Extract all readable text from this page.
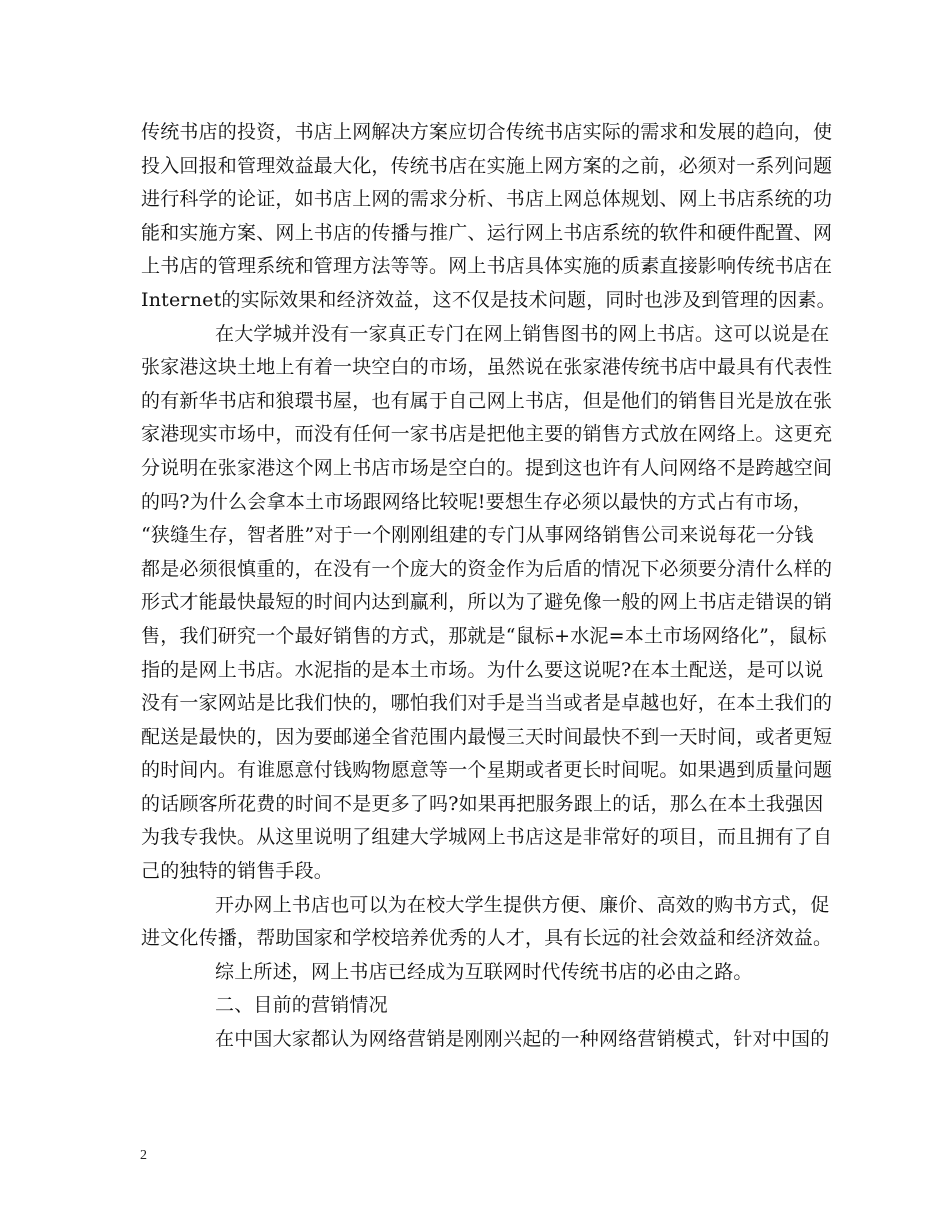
传统书店的投资，书店上网解决方案应切合传统书店实际的需求和发展的趋向，使
投入回报和管理效益最大化，传统书店在实施上网方案的之前，必须对一系列问题
进行科学的论证，如书店上网的需求分析、书店上网总体规划、网上书店系统的功
能和实施方案、网上书店的传播与推广、运行网上书店系统的软件和硬件配置、网
上书店的管理系统和管理方法等等。网上书店具体实施的质素直接影响传统书店在
Internet的实际效果和经济效益，这不仅是技术问题，同时也涉及到管理的因素。
在大学城并没有一家真正专门在网上销售图书的网上书店。这可以说是在
张家港这块土地上有着一块空白的市场，虽然说在张家港传统书店中最具有代表性
的有新华书店和狼環书屋，也有属于自己网上书店，但是他们的销售目光是放在张
家港现实市场中，而没有任何一家书店是把他主要的销售方式放在网络上。这更充
分说明在张家港这个网上书店市场是空白的。提到这也许有人问网络不是跨越空间
的吗?为什么会拿本土市场跟网络比较呢!要想生存必须以最快的方式占有市场，
“狭缝生存，智者胜”对于一个刚刚组建的专门从事网络销售公司来说每花一分钱
都是必须很慎重的，在没有一个庞大的资金作为后盾的情况下必须要分清什么样的
形式才能最快最短的时间内达到赢利，所以为了避免像一般的网上书店走错误的销
售，我们研究一个最好销售的方式，那就是“鼠标+水泥=本土市场网络化”，鼠标
指的是网上书店。水泥指的是本土市场。为什么要这说呢?在本土配送，是可以说
没有一家网站是比我们快的，哪怕我们对手是当当或者是卓越也好，在本土我们的
配送是最快的，因为要邮递全省范围内最慢三天时间最快不到一天时间，或者更短
的时间内。有谁愿意付钱购物愿意等一个星期或者更长时间呢。如果遇到质量问题
的话顾客所花费的时间不是更多了吗?如果再把服务跟上的话，那么在本土我强因
为我专我快。从这里说明了组建大学城网上书店这是非常好的项目，而且拥有了自
己的独特的销售手段。
开办网上书店也可以为在校大学生提供方便、廉价、高效的购书方式，促
进文化传播，帮助国家和学校培养优秀的人才，具有长远的社会效益和经济效益。
综上所述，网上书店已经成为互联网时代传统书店的必由之路。
二、目前的营销情况
在中国大家都认为网络营销是刚刚兴起的一种网络营销模式，针对中国的
2
